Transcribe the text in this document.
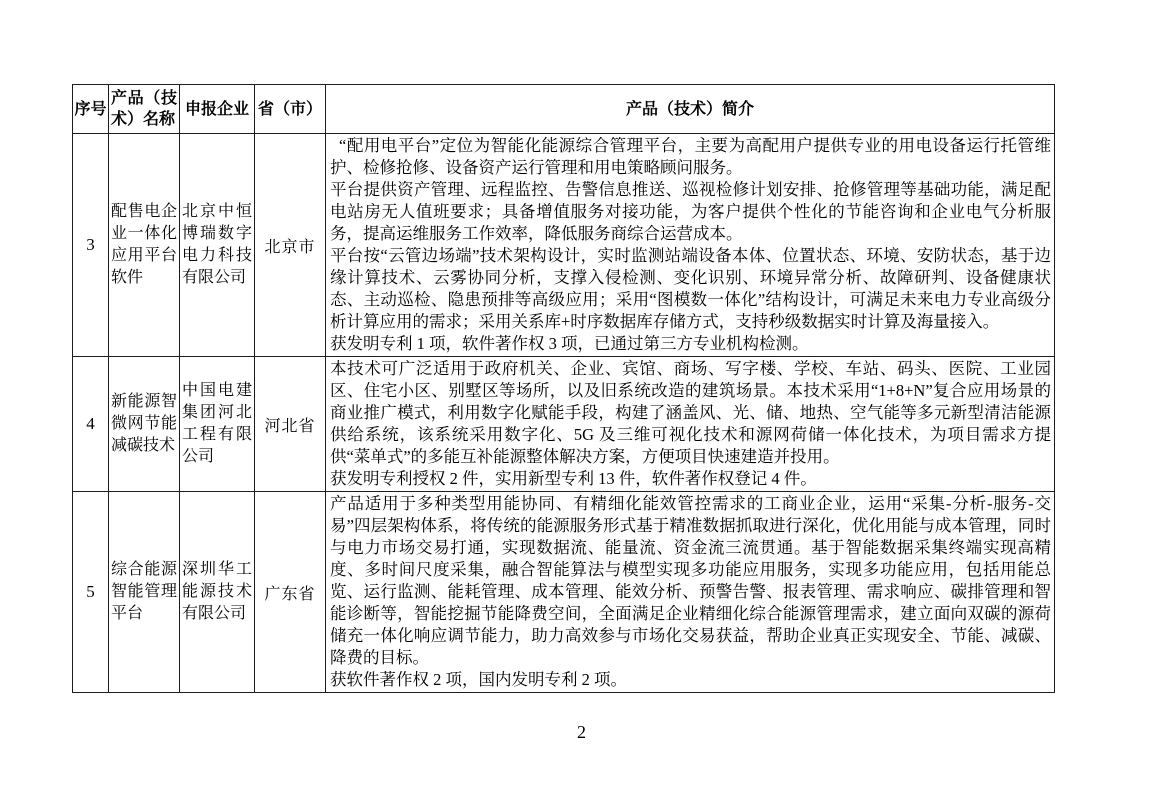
序号	产品（技术）名称	申报企业	省（市）	产品（技术）简介
3	配售电企业一体化应用平台软件	北京中恒博瑞数字电力科技有限公司	北京市	“配用电平台”定位为智能化能源综合管理平台，主要为高配用户提供专业的用电设备运行托管维护、检修抢修、设备资产运行管理和用电策略顾问服务。

平台提供资产管理、远程监控、告警信息推送、巡视检修计划安排、抢修管理等基础功能，满足配电站房无人值班要求；具备增值服务对接功能，为客户提供个性化的节能咨询和企业电气分析服务，提高运维服务工作效率，降低服务商综合运营成本。

平台按“云管边场端”技术架构设计，实时监测站端设备本体、位置状态、环境、安防状态，基于边缘计算技术、云雾协同分析，支撑入侵检测、变化识别、环境异常分析、故障研判、设备健康状态、主动巡检、隐患预排等高级应用；采用“图模数一体化”结构设计，可满足未来电力专业高级分析计算应用的需求；采用关系库+时序数据库存储方式，支持秒级数据实时计算及海量接入。

获发明专利 1 项，软件著作权 3 项，已通过第三方专业机构检测。

4	新能源智微网节能减碳技术	中国电建集团河北工程有限公司	河北省	本技术可广泛适用于政府机关、企业、宾馆、商场、写字楼、学校、车站、码头、医院、工业园区、住宅小区、别墅区等场所，以及旧系统改造的建筑场景。本技术采用“1+8+N”复合应用场景的商业推广模式，利用数字化赋能手段，构建了涵盖风、光、储、地热、空气能等多元新型清洁能源供给系统，该系统采用数字化、5G 及三维可视化技术和源网荷储一体化技术，为项目需求方提供“菜单式”的多能互补能源整体解决方案，方便项目快速建造并投用。

获发明专利授权 2 件，实用新型专利 13 件，软件著作权登记 4 件。

5	综合能源智能管理平台	深圳华工能源技术有限公司	广东省	产品适用于多种类型用能协同、有精细化能效管控需求的工商业企业，运用“采集-分析-服务-交易”四层架构体系，将传统的能源服务形式基于精准数据抓取进行深化，优化用能与成本管理，同时与电力市场交易打通，实现数据流、能量流、资金流三流贯通。基于智能数据采集终端实现高精度、多时间尺度采集，融合智能算法与模型实现多功能应用服务，实现多功能应用，包括用能总览、运行监测、能耗管理、成本管理、能效分析、预警告警、报表管理、需求响应、碳排管理和智能诊断等，智能挖掘节能降费空间，全面满足企业精细化综合能源管理需求，建立面向双碳的源荷储充一体化响应调节能力，助力高效参与市场化交易获益，帮助企业真正实现安全、节能、减碳、降费的目标。

获软件著作权 2 项，国内发明专利 2 项。

2
